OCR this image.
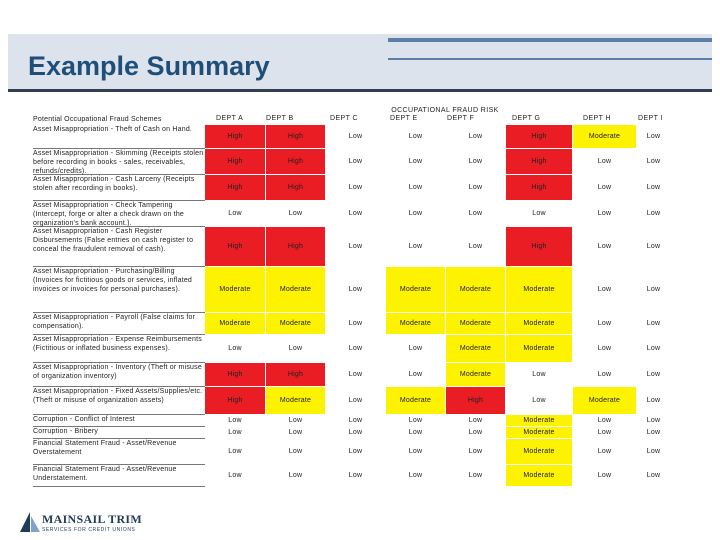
Example Summary
OCCUPATIONAL FRAUD RISK
Potential Occupational Fraud Schemes	DEPT A	DEPT B	DEPT C	DEPT E	DEPT F	DEPT G	DEPT H	DEPT I
Asset Misappropriation - Theft of Cash on Hand.
High	High	Low	Low	Low	High	Moderate	Low
Asset Misappropriation - Skimming (Receipts stolen before recording in books - sales, receivables, refunds/credits).
High	High	Low	Low	Low	High	Low	Low
Asset Misappropriation - Cash Larceny (Receipts stolen after recording in books).	High	High	Low	Low	Low	High	Low	Low
Asset Misappropriation - Check Tampering (Intercept, forge or alter a check drawn on the organization's bank account.).
Low	Low	Low	Low	Low	Low	Low	Low
Asset Misappropriation - Cash Register Disbursements (False entries on cash register to conceal the fraudulent removal of cash).	High	High	Low	Low	Low	High	Low	Low
Asset Misappropriation - Purchasing/Billing (Invoices for fictitious goods or services, inflated invoices or invoices for personal purchases).	Moderate	Moderate	Low	Moderate	Moderate	Moderate	Low	Low
Asset Misappropriation - Payroll (False claims for compensation).	Moderate	Moderate	Low	Moderate	Moderate	Moderate	Low	Low
Asset Misappropriation - Expense Reimbursements (Fictitious or inflated business expenses).	Low	Low	Low	Low	Moderate	Moderate	Low	Low
Asset Misappropriation - Inventory (Theft or misuse of organization inventory)	High	High	Low	Low	Moderate	Low	Low	Low
Asset Misappropriation - Fixed Assets/Supplies/etc. (Theft or misuse of organization assets)	High	Moderate	Low	Moderate	High	Low	Moderate	Low
Corruption - Conflict of Interest	Low	Low	Low	Low	Low	Moderate	Low	Low
Corruption - Bribery	Low	Low	Low	Low	Low	Moderate	Low	Low
Financial Statement Fraud - Asset/Revenue Overstatement	Low	Low	Low	Low	Low	Moderate	Low	Low
Financial Statement Fraud - Asset/Revenue Understatement.	Low	Low	Low	Low	Low	Moderate	Low	Low
MAINSAIL TRIM
SERVICES FOR CREDIT UNIONS
